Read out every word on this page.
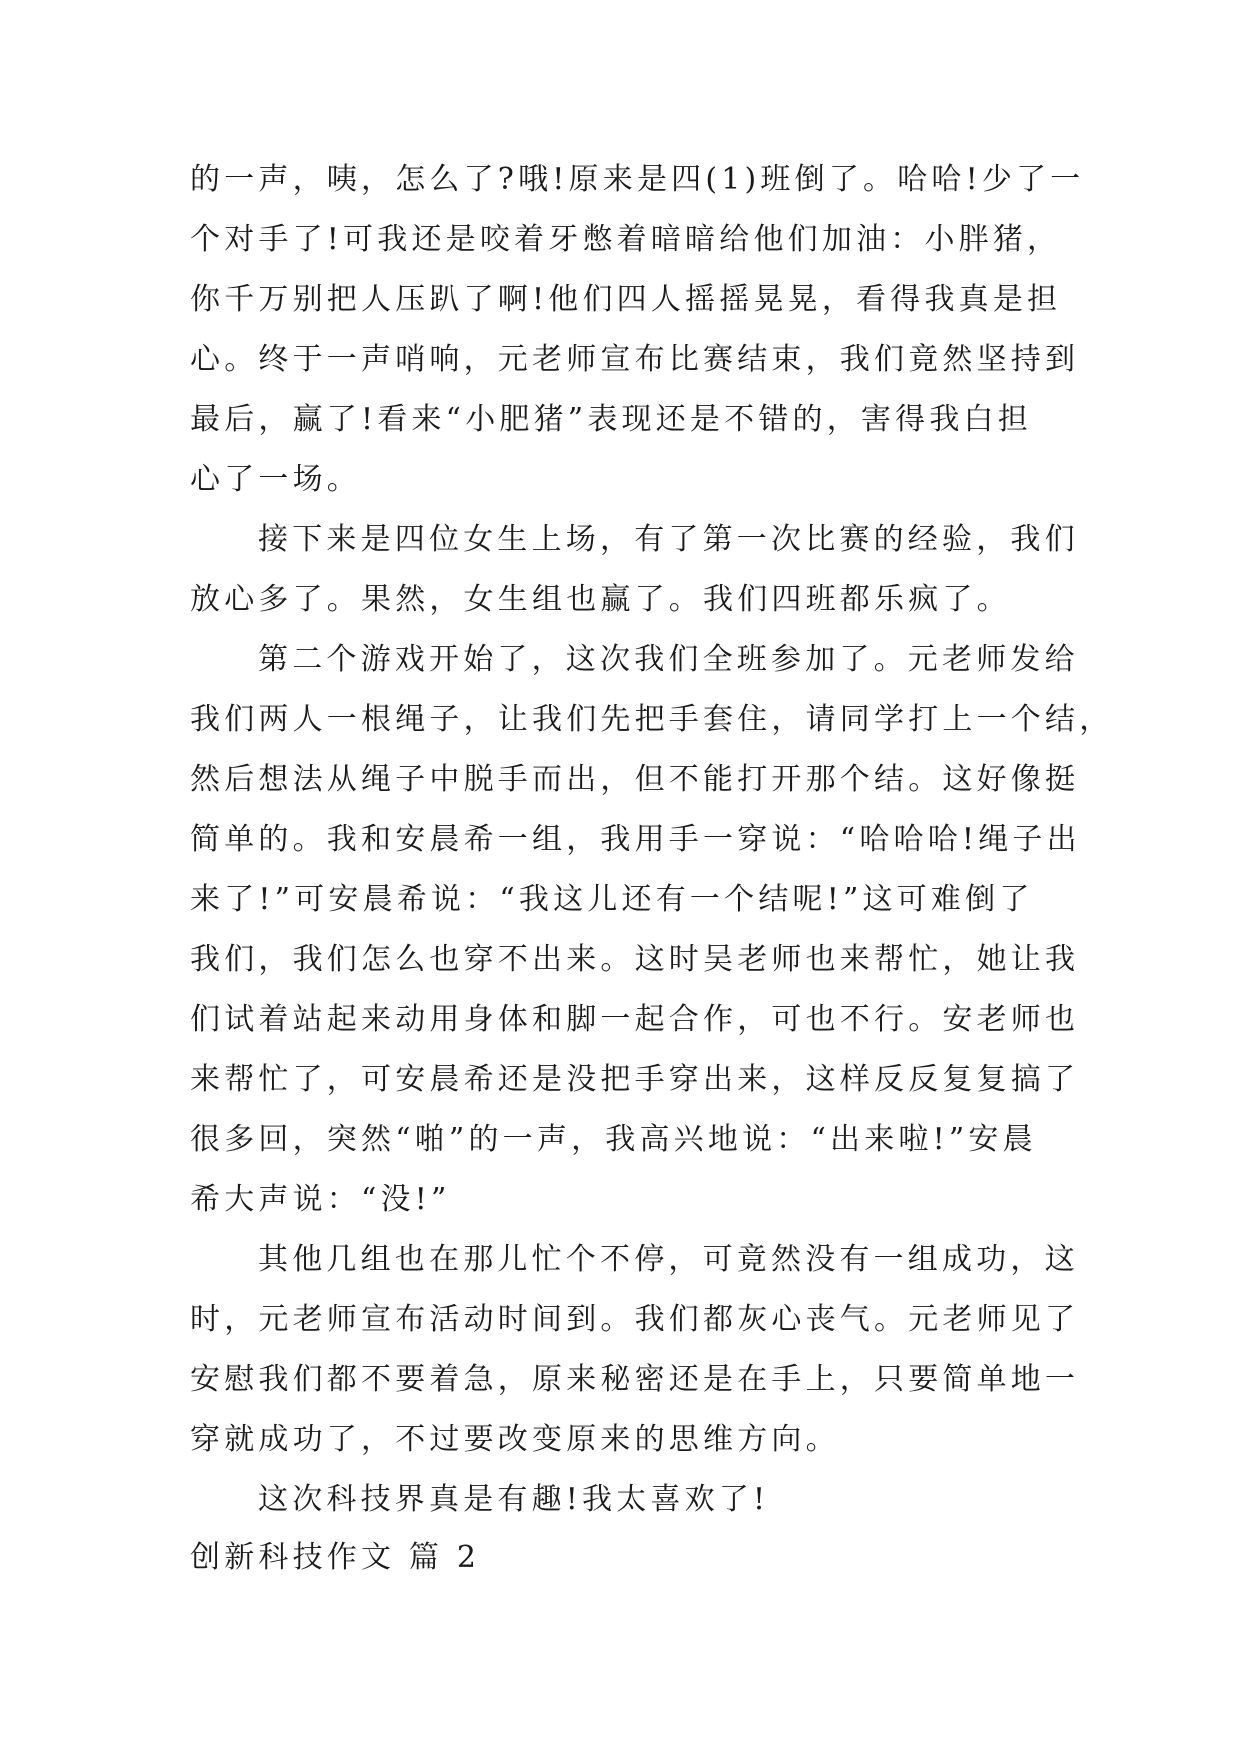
的一声，咦，怎么了?哦!原来是四(1)班倒了。哈哈!少了一
个对手了!可我还是咬着牙憋着暗暗给他们加油：小胖猪，
你千万别把人压趴了啊!他们四人摇摇晃晃，看得我真是担
心。终于一声哨响，元老师宣布比赛结束，我们竟然坚持到
最后，赢了!看来“小肥猪”表现还是不错的，害得我白担
心了一场。
接下来是四位女生上场，有了第一次比赛的经验，我们
放心多了。果然，女生组也赢了。我们四班都乐疯了。
第二个游戏开始了，这次我们全班参加了。元老师发给
我们两人一根绳子，让我们先把手套住，请同学打上一个结，
然后想法从绳子中脱手而出，但不能打开那个结。这好像挺
简单的。我和安晨希一组，我用手一穿说：“哈哈哈!绳子出
来了!”可安晨希说：“我这儿还有一个结呢!”这可难倒了
我们，我们怎么也穿不出来。这时吴老师也来帮忙，她让我
们试着站起来动用身体和脚一起合作，可也不行。安老师也
来帮忙了，可安晨希还是没把手穿出来，这样反反复复搞了
很多回，突然“啪”的一声，我高兴地说：“出来啦!”安晨
希大声说：“没!”
其他几组也在那儿忙个不停，可竟然没有一组成功，这
时，元老师宣布活动时间到。我们都灰心丧气。元老师见了
安慰我们都不要着急，原来秘密还是在手上，只要简单地一
穿就成功了，不过要改变原来的思维方向。
这次科技界真是有趣!我太喜欢了!
创新科技作文 篇 2
